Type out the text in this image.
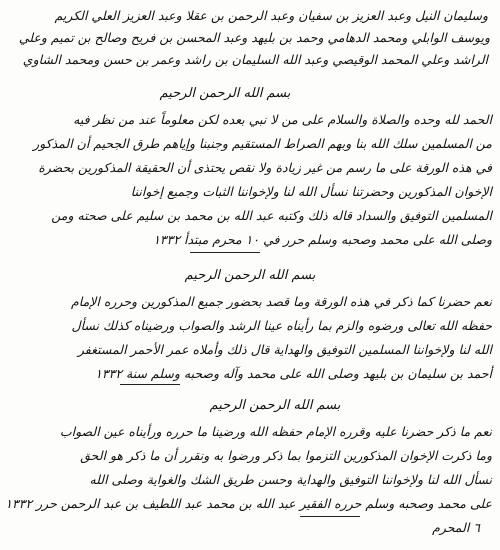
وسليمان النيل وعبد العزيز بن سفيان وعبد الرحمن بن عقلا وعبد العزيز العلي الكريم
ويوسف الوابلي ومحمد الدهامي وحمد بن بليهد وعبد المحسن بن فريح وصالح بن تميم وعلي
الراشد وعلي المحمد الوقيصي وعبد الله السليمان بن راشد وعمر بن حسن ومحمد الشاوي
بسم الله الرحمن الرحيم
الحمد لله وحده والصلاة والسلام على من لا نبي بعده لكن معلوماً عند من نظر فيه
من المسلمين سلك الله بنا وبهم الصراط المستقيم وجنبنا وإياهم طرق الجحيم أن المذكور
في هذه الورقة على ما رسم من غير زيادة ولا نقص يحتذى أن الحقيقة المذكورين بحضرة
الإخوان المذكورين وحضرتنا نسأل الله لنا ولإخواننا الثبات وجميع إخواننا
المسلمين التوفيق والسداد قاله ذلك وكتبه عبد الله بن محمد بن سليم على صحته ومن
وصلى الله على محمد وصحبه وسلم حرر في ١٠ محرم مبتدأ ١٣٣٢
بسم الله الرحمن الرحيم
نعم حضرنا كما ذكر في هذه الورقة وما قصد بحضور جميع المذكورين وحرره الإمام
حفظه الله تعالى ورضوه والزم بما رأيناه عينا الرشد والصواب ورضيناه كذلك نسأل
الله لنا ولإخواننا المسلمين التوفيق والهداية قال ذلك وأملاه عمر الأحمر المستغفر
أحمد بن سليمان بن بليهد وصلى الله على محمد وآله وصحبه وسلم سنة ١٣٣٢
بسم الله الرحمن الرحيم
نعم ما ذكر حضرنا عليه وقرره الإمام حفظه الله ورضينا ما حرره ورأيناه عين الصواب
وما ذكرت الإخوان المذكورين التزموا بما ذكر ورضوا به ونقرر أن ما ذكر هو الحق
نسأل الله لنا ولإخواننا التوفيق والهداية وحسن طريق الشك والغواية وصلى الله
على محمد وصحبه وسلم حرره الفقير عبد الله بن محمد عبد اللطيف بن عبد الرحمن حرر ١٣٣٢
٦ المحرم
